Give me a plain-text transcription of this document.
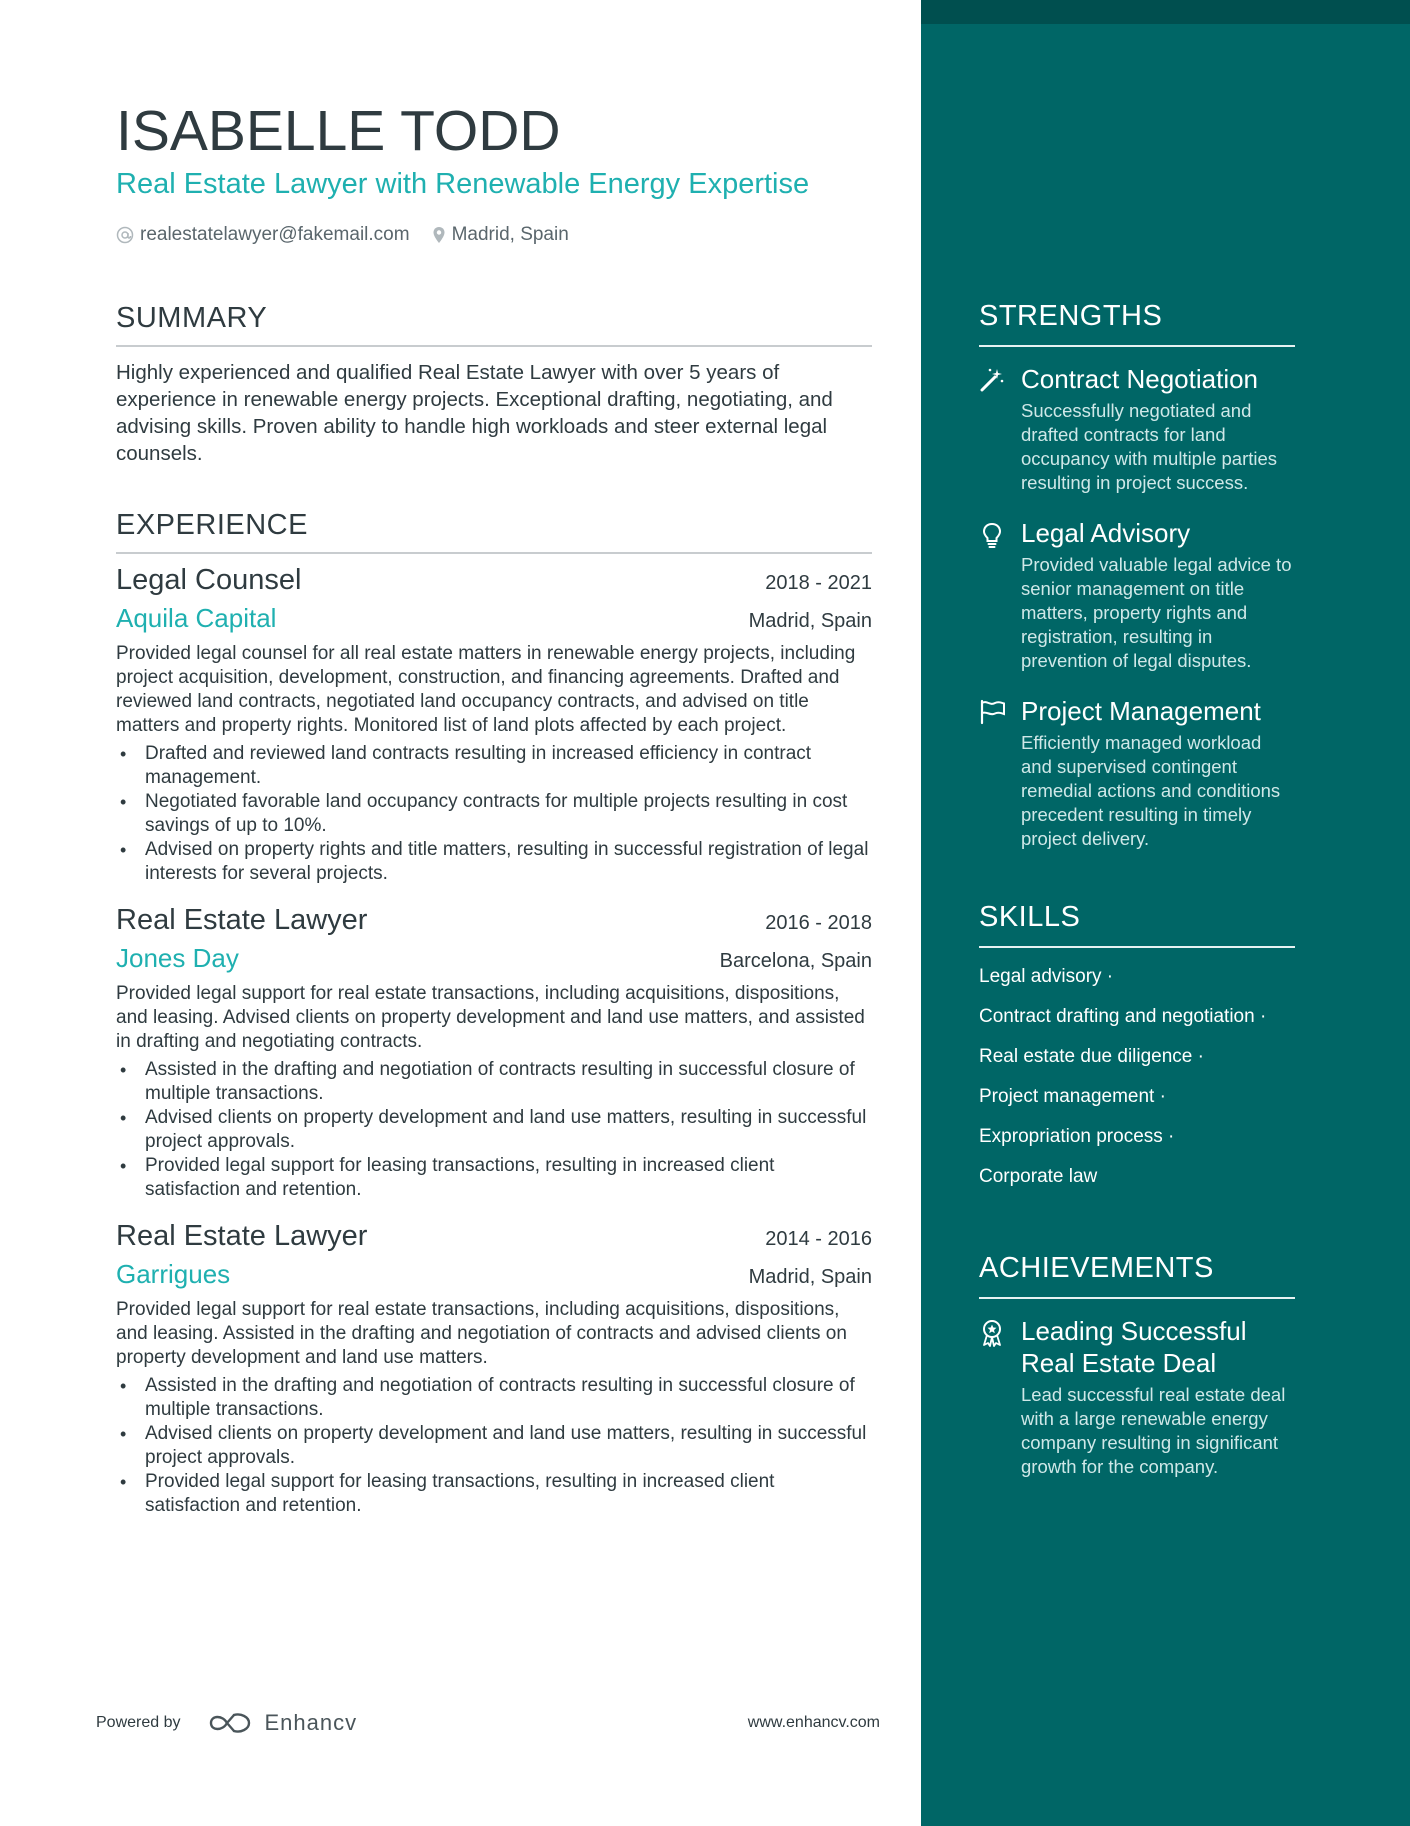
STRENGTHS
Contract Negotiation
Successfully negotiated and drafted contracts for land occupancy with multiple parties resulting in project success.
Legal Advisory
Provided valuable legal advice to senior management on title matters, property rights and registration, resulting in prevention of legal disputes.
Project Management
Efficiently managed workload and supervised contingent remedial actions and conditions precedent resulting in timely project delivery.
SKILLS
Legal advisory ·
Contract drafting and negotiation ·
Real estate due diligence ·
Project management ·
Expropriation process ·
Corporate law
ACHIEVEMENTS
Leading Successful Real Estate Deal
Lead successful real estate deal with a large renewable energy company resulting in significant growth for the company.
ISABELLE TODD
Real Estate Lawyer with Renewable Energy Expertise
realestatelawyer@fakemail.com Madrid, Spain
SUMMARY
Highly experienced and qualified Real Estate Lawyer with over 5 years of experience in renewable energy projects. Exceptional drafting, negotiating, and advising skills. Proven ability to handle high workloads and steer external legal counsels.
EXPERIENCE
Legal Counsel	2018 - 2021
Aquila Capital	Madrid, Spain
Provided legal counsel for all real estate matters in renewable energy projects, including project acquisition, development, construction, and financing agreements. Drafted and reviewed land contracts, negotiated land occupancy contracts, and advised on title matters and property rights. Monitored list of land plots affected by each project.
• Drafted and reviewed land contracts resulting in increased efficiency in contract management.
• Negotiated favorable land occupancy contracts for multiple projects resulting in cost savings of up to 10%.
• Advised on property rights and title matters, resulting in successful registration of legal interests for several projects.
Real Estate Lawyer	2016 - 2018
Jones Day	Barcelona, Spain
Provided legal support for real estate transactions, including acquisitions, dispositions, and leasing. Advised clients on property development and land use matters, and assisted in drafting and negotiating contracts.
• Assisted in the drafting and negotiation of contracts resulting in successful closure of multiple transactions.
• Advised clients on property development and land use matters, resulting in successful project approvals.
• Provided legal support for leasing transactions, resulting in increased client satisfaction and retention.
Real Estate Lawyer	2014 - 2016
Garrigues	Madrid, Spain
Provided legal support for real estate transactions, including acquisitions, dispositions, and leasing. Assisted in the drafting and negotiation of contracts and advised clients on property development and land use matters.
• Assisted in the drafting and negotiation of contracts resulting in successful closure of multiple transactions.
• Advised clients on property development and land use matters, resulting in successful project approvals.
• Provided legal support for leasing transactions, resulting in increased client satisfaction and retention.
Powered by	Enhancv	www.enhancv.com
